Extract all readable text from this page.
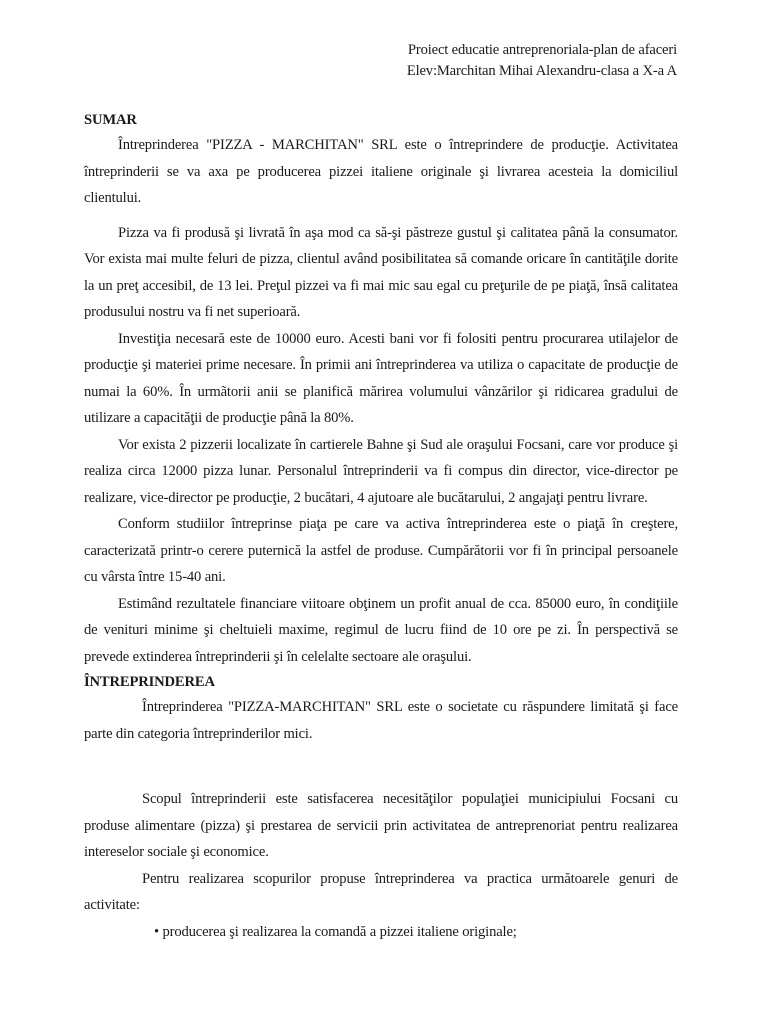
Proiect educatie antreprenoriala-plan de afaceri
Elev:Marchitan Mihai Alexandru-clasa a X-a A
SUMAR

Întreprinderea "PIZZA - MARCHITAN" SRL este o întreprindere de producţie. Activitatea întreprinderii se va axa pe producerea pizzei italiene originale şi livrarea acesteia la domiciliul clientului.

Pizza va fi produsă şi livrată în aşa mod ca să-şi păstreze gustul şi calitatea până la consumator. Vor exista mai multe feluri de pizza, clientul având posibilitatea să comande oricare în cantităţile dorite la un preţ accesibil, de 13 lei. Preţul pizzei va fi mai mic sau egal cu preţurile de pe piaţă, însă calitatea produsului nostru va fi net superioară.

Investiţia necesară este de 10000 euro. Acesti bani vor fi folositi pentru procurarea utilajelor de producţie şi materiei prime necesare. În primii ani întreprinderea va utiliza o capacitate de producţie de numai la 60%. În urmãtorii anii se planifică mărirea volumului vânzărilor şi ridicarea gradului de utilizare a capacităţii de producţie până la 80%.

Vor exista 2 pizzerii localizate în cartierele Bahne şi Sud ale oraşului Focsani, care vor produce şi realiza circa 12000 pizza lunar. Personalul întreprinderii va fi compus din director, vice-director pe realizare, vice-director pe producţie, 2 bucătari, 4 ajutoare ale bucătarului, 2 angajaţi pentru livrare.

Conform studiilor întreprinse piaţa pe care va activa întreprinderea este o piaţă în creştere, caracterizată printr-o cerere puternică la astfel de produse. Cumpărătorii vor fi în principal persoanele cu vârsta între 15-40 ani.

Estimând rezultatele financiare viitoare obţinem un profit anual de cca. 85000 euro, în condiţiile de venituri minime şi cheltuieli maxime, regimul de lucru fiind de 10 ore pe zi. În perspectivă se prevede extinderea întreprinderii şi în celelalte sectoare ale oraşului.

ÎNTREPRINDEREA

Întreprinderea "PIZZA-MARCHITAN" SRL este o societate cu răspundere limitată şi face parte din categoria întreprinderilor mici.

Scopul întreprinderii este satisfacerea necesităţilor populaţiei municipiului Focsani cu produse alimentare (pizza) şi prestarea de servicii prin activitatea de antreprenoriat pentru realizarea intereselor sociale şi economice.

Pentru realizarea scopurilor propuse întreprinderea va practica următoarele genuri de activitate:

• producerea şi realizarea la comandă a pizzei italiene originale;
